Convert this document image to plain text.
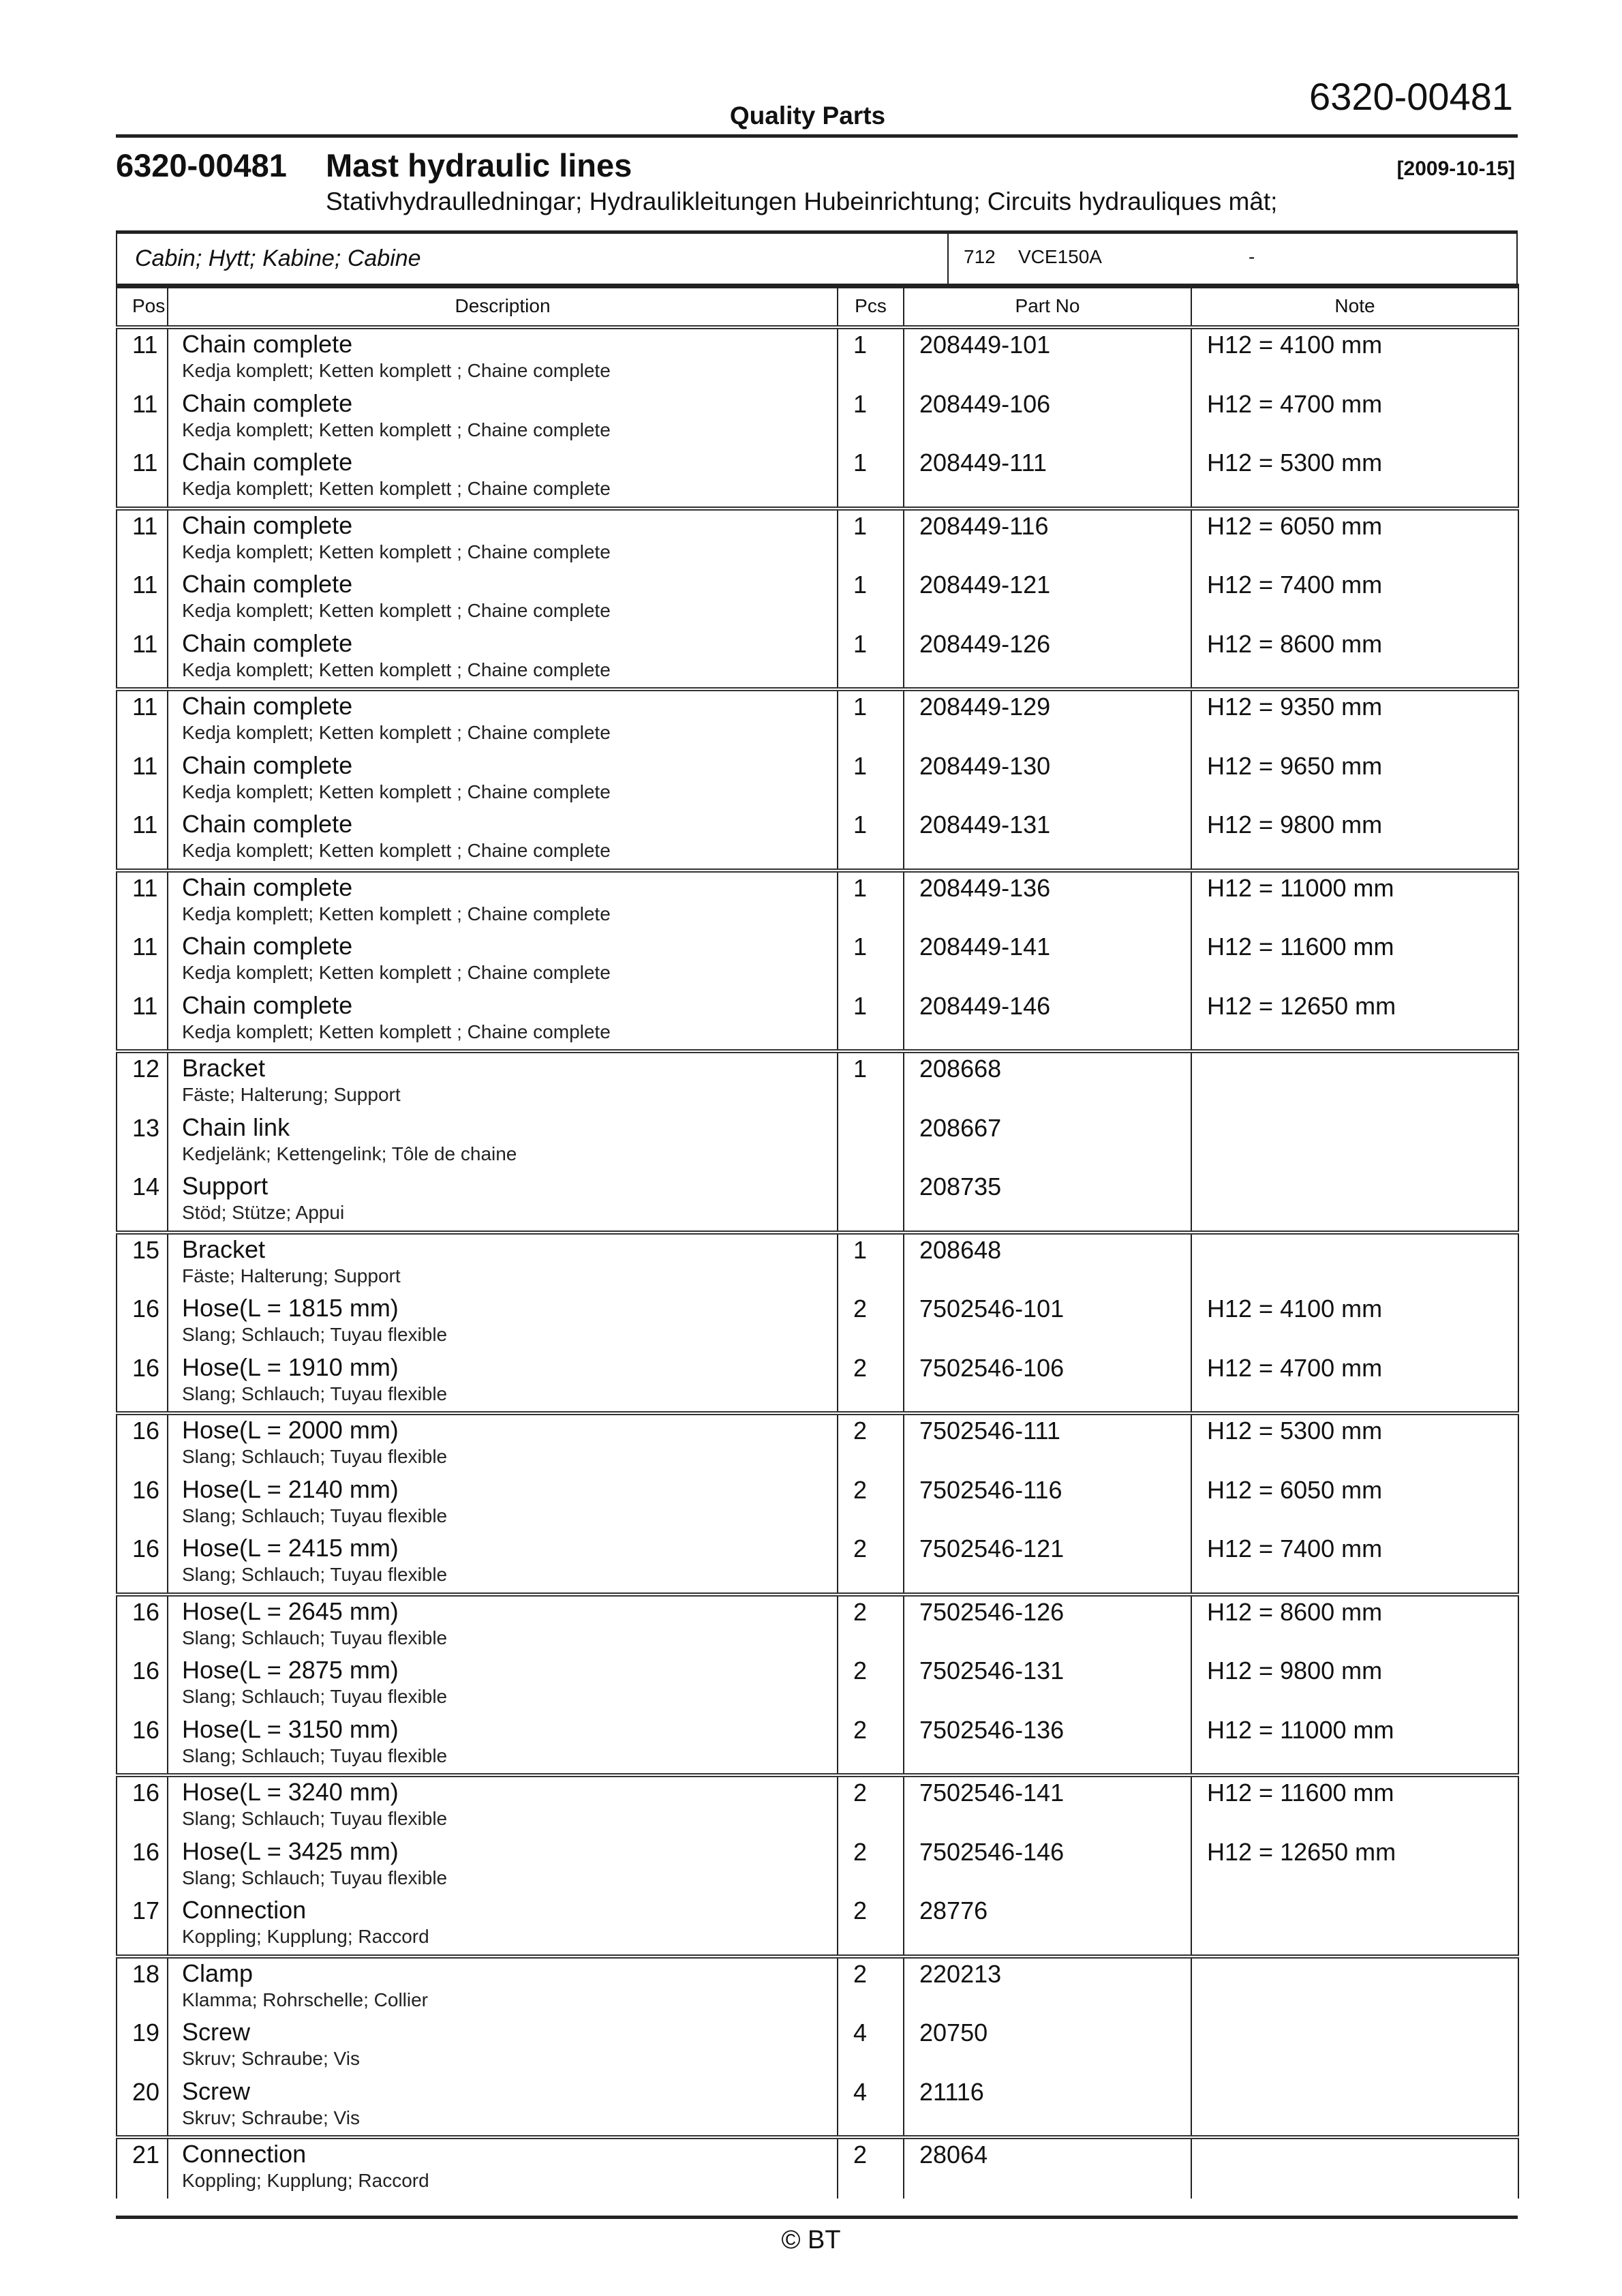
6320-00481
Quality Parts
6320-00481 Mast hydraulic lines	[2009-10-15]
Stativhydraulledningar; Hydraulikleitungen Hubeinrichtung; Circuits hydrauliques mât;
Cabin; Hytt; Kabine; Cabine	712 VCE150A	-
Pos	Description	Pcs	Part No	Note

11	Chain complete
Kedja komplett; Ketten komplett ; Chaine complete	1	208449-101	H12 = 4100 mm

11	Chain complete
Kedja komplett; Ketten komplett ; Chaine complete	1	208449-106	H12 = 4700 mm

11	Chain complete
Kedja komplett; Ketten komplett ; Chaine complete	1	208449-111	H12 = 5300 mm

11	Chain complete
Kedja komplett; Ketten komplett ; Chaine complete	1	208449-116	H12 = 6050 mm

11	Chain complete
Kedja komplett; Ketten komplett ; Chaine complete	1	208449-121	H12 = 7400 mm

11	Chain complete
Kedja komplett; Ketten komplett ; Chaine complete	1	208449-126	H12 = 8600 mm

11	Chain complete
Kedja komplett; Ketten komplett ; Chaine complete	1	208449-129	H12 = 9350 mm

11	Chain complete
Kedja komplett; Ketten komplett ; Chaine complete	1	208449-130	H12 = 9650 mm

11	Chain complete
Kedja komplett; Ketten komplett ; Chaine complete	1	208449-131	H12 = 9800 mm

11	Chain complete
Kedja komplett; Ketten komplett ; Chaine complete	1	208449-136	H12 = 11000 mm

11	Chain complete
Kedja komplett; Ketten komplett ; Chaine complete	1	208449-141	H12 = 11600 mm

11	Chain complete
Kedja komplett; Ketten komplett ; Chaine complete	1	208449-146	H12 = 12650 mm

12	Bracket
Fäste; Halterung; Support	1	208668	

13	Chain link
Kedjelänk; Kettengelink; Tôle de chaine		208667	

14	Support
Stöd; Stütze; Appui		208735	

15	Bracket
Fäste; Halterung; Support	1	208648	

16	Hose(L = 1815 mm)
Slang; Schlauch; Tuyau flexible	2	7502546-101	H12 = 4100 mm

16	Hose(L = 1910 mm)
Slang; Schlauch; Tuyau flexible	2	7502546-106	H12 = 4700 mm

16	Hose(L = 2000 mm)
Slang; Schlauch; Tuyau flexible	2	7502546-111	H12 = 5300 mm

16	Hose(L = 2140 mm)
Slang; Schlauch; Tuyau flexible	2	7502546-116	H12 = 6050 mm

16	Hose(L = 2415 mm)
Slang; Schlauch; Tuyau flexible	2	7502546-121	H12 = 7400 mm

16	Hose(L = 2645 mm)
Slang; Schlauch; Tuyau flexible	2	7502546-126	H12 = 8600 mm

16	Hose(L = 2875 mm)
Slang; Schlauch; Tuyau flexible	2	7502546-131	H12 = 9800 mm

16	Hose(L = 3150 mm)
Slang; Schlauch; Tuyau flexible	2	7502546-136	H12 = 11000 mm

16	Hose(L = 3240 mm)
Slang; Schlauch; Tuyau flexible	2	7502546-141	H12 = 11600 mm

16	Hose(L = 3425 mm)
Slang; Schlauch; Tuyau flexible	2	7502546-146	H12 = 12650 mm

17	Connection
Koppling; Kupplung; Raccord	2	28776	

18	Clamp
Klamma; Rohrschelle; Collier	2	220213	

19	Screw
Skruv; Schraube; Vis	4	20750	

20	Screw
Skruv; Schraube; Vis	4	21116	

21	Connection
Koppling; Kupplung; Raccord	2	28064	

© BT
